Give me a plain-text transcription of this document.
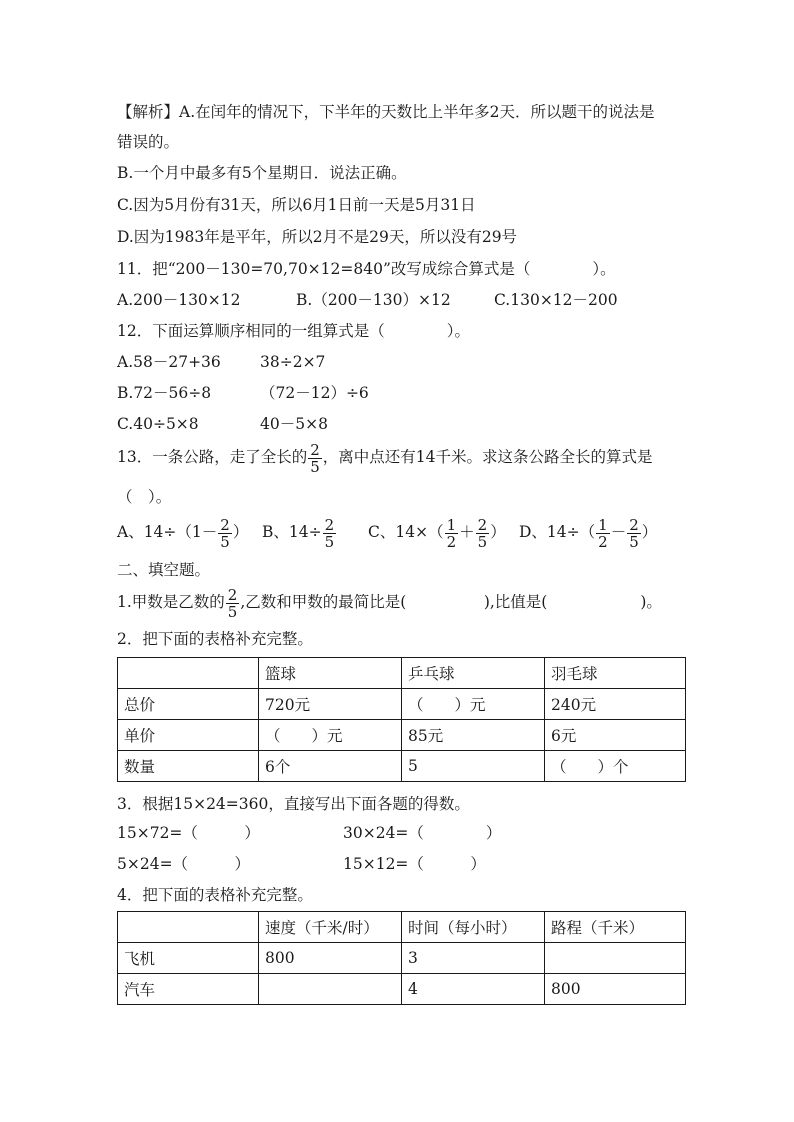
【解析】A.在闰年的情况下，下半年的天数比上半年多2天．所以题干的说法是
错误的。
B.一个月中最多有5个星期日．说法正确。
C.因为5月份有31天，所以6月1日前一天是5月31日
D.因为1983年是平年，所以2月不是29天，所以没有29号
11．把“200－130=70,70×12=840”改写成综合算式是（　　　　）。
A.200－130×12	B.（200－130）×12	C.130×12－200
12．下面运算顺序相同的一组算式是（　　　　）。
A.58－27+36	38÷2×7
B.72－56÷8	（72－12）÷6
C.40÷5×8	40－5×8
13．一条公路，走了全长的 $\frac{2}{5}$ ，离中点还有14千米。求这条公路全长的算式是
（　）。
A、$14\div(1- \frac{2}{5}$ ） B、$14\div \frac{2}{5}$ C、$14\times( \frac{1}{2} + \frac{2}{5}$ ） D、$14\div( \frac{1}{2} - \frac{2}{5}$ ）
二、填空题。
1.甲数是乙数的 $\frac{2}{5}$ ,乙数和甲数的最简比是(　　　　　),比值是(　　　　　　)。
2．把下面的表格补充完整。
	篮球	乒乓球	羽毛球
总价	720元	（　　）元	240元
单价	（　　）元	85元	6元
数量	6个	5	（　　）个
3．根据15×24=360，直接写出下面各题的得数。
15×72=（　　　）	30×24=（　　　　）
5×24=（　　　）	15×12=（　　　）
4．把下面的表格补充完整。
	速度（千米/时）	时间（每小时）	路程（千米）
飞机	800	3	
汽车		4	800
